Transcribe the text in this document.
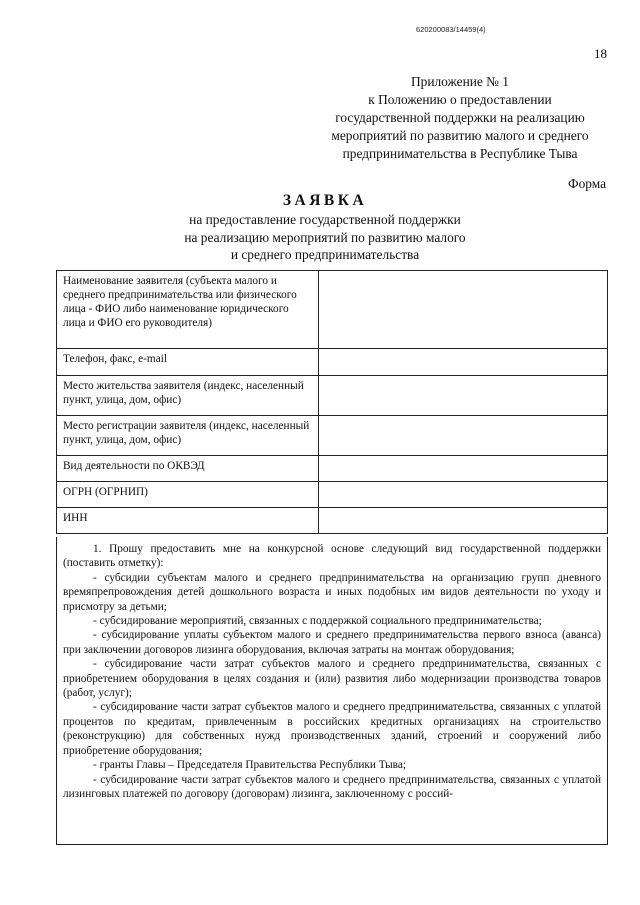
620200083/14459(4)
18
Приложение № 1
к Положению о предоставлении
государственной поддержки на реализацию
мероприятий по развитию малого и среднего
предпринимательства в Республике Тыва
Форма
ЗАЯВКА
на предоставление государственной поддержки
на реализацию мероприятий по развитию малого
и среднего предпринимательства
Наименование заявителя (субъекта малого и среднего предпринимательства или физического лица - ФИО либо наименование юридического лица и ФИО его руководителя)	
Телефон, факс, e-mail	
Место жительства заявителя (индекс, населенный пункт, улица, дом, офис)	
Место регистрации заявителя (индекс, населенный пункт, улица, дом, офис)	
Вид деятельности по ОКВЭД	
ОГРН (ОГРНИП)	
ИНН	

1. Прошу предоставить мне на конкурсной основе следующий вид государственной поддержки (поставить отметку):

- субсидии субъектам малого и среднего предпринимательства на организацию групп дневного времяпрепровождения детей дошкольного возраста и иных подобных им видов деятельности по уходу и присмотру за детьми;

- субсидирование мероприятий, связанных с поддержкой социального предпринимательства;

- субсидирование уплаты субъектом малого и среднего предпринимательства первого взноса (аванса) при заключении договоров лизинга оборудования, включая затраты на монтаж оборудования;

- субсидирование части затрат субъектов малого и среднего предпринимательства, связанных с приобретением оборудования в целях создания и (или) развития либо модернизации производства товаров (работ, услуг);

- субсидирование части затрат субъектов малого и среднего предпринимательства, связанных с уплатой процентов по кредитам, привлеченным в российских кредитных организациях на строительство (реконструкцию) для собственных нужд производственных зданий, строений и сооружений либо приобретение оборудования;

- гранты Главы – Председателя Правительства Республики Тыва;

- субсидирование части затрат субъектов малого и среднего предпринимательства, связанных с уплатой лизинговых платежей по договору (договорам) лизинга, заключенному с россий-
